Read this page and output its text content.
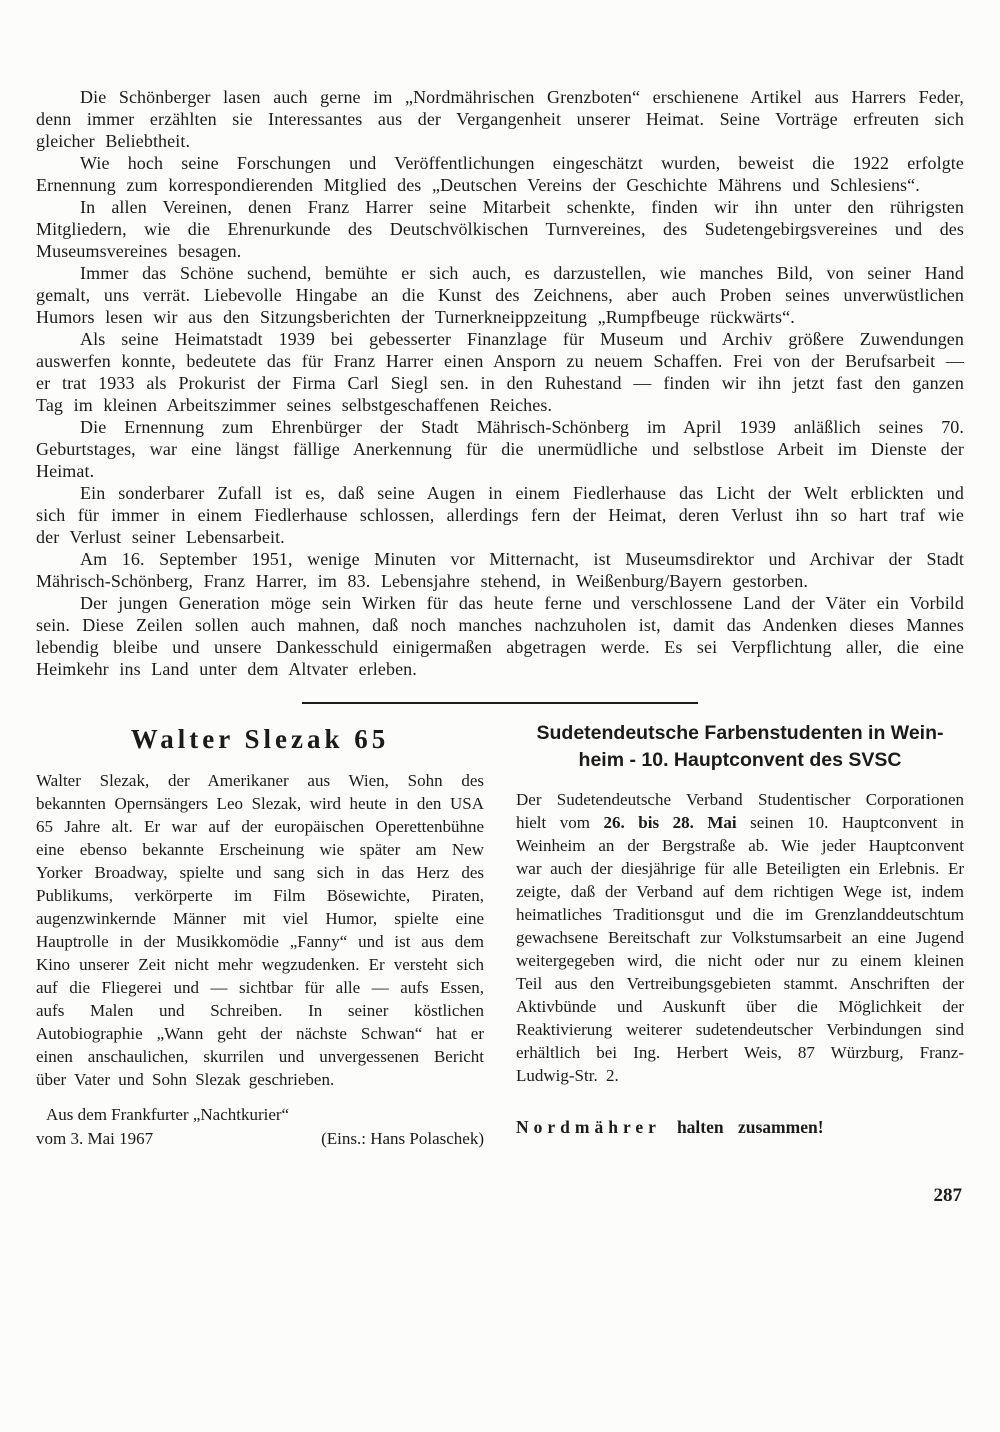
Die Schönberger lasen auch gerne im „Nordmährischen Grenzboten“ erschienene Artikel aus Harrers Feder, denn immer erzählten sie Interessantes aus der Vergangenheit unserer Heimat. Seine Vorträge erfreuten sich gleicher Beliebtheit.

Wie hoch seine Forschungen und Veröffentlichungen eingeschätzt wurden, beweist die 1922 erfolgte Ernennung zum korrespondierenden Mitglied des „Deutschen Vereins der Geschichte Mährens und Schlesiens“.

In allen Vereinen, denen Franz Harrer seine Mitarbeit schenkte, finden wir ihn unter den rührigsten Mitgliedern, wie die Ehrenurkunde des Deutschvölkischen Turnvereines, des Sudetengebirgsvereines und des Museumsvereines besagen.

Immer das Schöne suchend, bemühte er sich auch, es darzustellen, wie manches Bild, von seiner Hand gemalt, uns verrät. Liebevolle Hingabe an die Kunst des Zeichnens, aber auch Proben seines unverwüstlichen Humors lesen wir aus den Sitzungsberichten der Turnerkneippzeitung „Rumpfbeuge rückwärts“.

Als seine Heimatstadt 1939 bei gebesserter Finanzlage für Museum und Archiv größere Zuwendungen auswerfen konnte, bedeutete das für Franz Harrer einen Ansporn zu neuem Schaffen. Frei von der Berufsarbeit — er trat 1933 als Prokurist der Firma Carl Siegl sen. in den Ruhestand — finden wir ihn jetzt fast den ganzen Tag im kleinen Arbeitszimmer seines selbstgeschaffenen Reiches.

Die Ernennung zum Ehrenbürger der Stadt Mährisch-Schönberg im April 1939 anläßlich seines 70. Geburtstages, war eine längst fällige Anerkennung für die unermüdliche und selbstlose Arbeit im Dienste der Heimat.

Ein sonderbarer Zufall ist es, daß seine Augen in einem Fiedlerhause das Licht der Welt erblickten und sich für immer in einem Fiedlerhause schlossen, allerdings fern der Heimat, deren Verlust ihn so hart traf wie der Verlust seiner Lebensarbeit.

Am 16. September 1951, wenige Minuten vor Mitternacht, ist Museumsdirektor und Archivar der Stadt Mährisch-Schönberg, Franz Harrer, im 83. Lebensjahre stehend, in Weißenburg/Bayern gestorben.

Der jungen Generation möge sein Wirken für das heute ferne und verschlossene Land der Väter ein Vorbild sein. Diese Zeilen sollen auch mahnen, daß noch manches nachzuholen ist, damit das Andenken dieses Mannes lebendig bleibe und unsere Dankesschuld einigermaßen abgetragen werde. Es sei Verpflichtung aller, die eine Heimkehr ins Land unter dem Altvater erleben.

Walter Slezak 65

Walter Slezak, der Amerikaner aus Wien, Sohn des bekannten Opernsängers Leo Slezak, wird heute in den USA 65 Jahre alt. Er war auf der europäischen Operettenbühne eine ebenso bekannte Erscheinung wie später am New Yorker Broadway, spielte und sang sich in das Herz des Publikums, verkörperte im Film Bösewichte, Piraten, augenzwinkernde Männer mit viel Humor, spielte eine Hauptrolle in der Musikkomödie „Fanny“ und ist aus dem Kino unserer Zeit nicht mehr wegzudenken. Er versteht sich auf die Fliegerei und — sichtbar für alle — aufs Essen, aufs Malen und Schreiben. In seiner köstlichen Autobiographie „Wann geht der nächste Schwan“ hat er einen anschaulichen, skurrilen und unvergessenen Bericht über Vater und Sohn Slezak geschrieben.

Aus dem Frankfurter „Nachtkurier“
vom 3. Mai 1967	(Eins.: Hans Polaschek)
Sudetendeutsche Farbenstudenten in Wein-
heim - 10. Hauptconvent des SVSC

Der Sudetendeutsche Verband Studentischer Corporationen hielt vom 26. bis 28. Mai seinen 10. Hauptconvent in Weinheim an der Bergstraße ab. Wie jeder Hauptconvent war auch der diesjährige für alle Beteiligten ein Erlebnis. Er zeigte, daß der Verband auf dem richtigen Wege ist, indem heimatliches Traditionsgut und die im Grenzlanddeutschtum gewachsene Bereitschaft zur Volkstumsarbeit an eine Jugend weitergegeben wird, die nicht oder nur zu einem kleinen Teil aus den Vertreibungsgebieten stammt. Anschriften der Aktivbünde und Auskunft über die Möglichkeit der Reaktivierung weiterer sudetendeutscher Verbindungen sind erhältlich bei Ing. Herbert Weis, 87 Würzburg, Franz-Ludwig-Str. 2.

Nordmährer halten zusammen!

287
